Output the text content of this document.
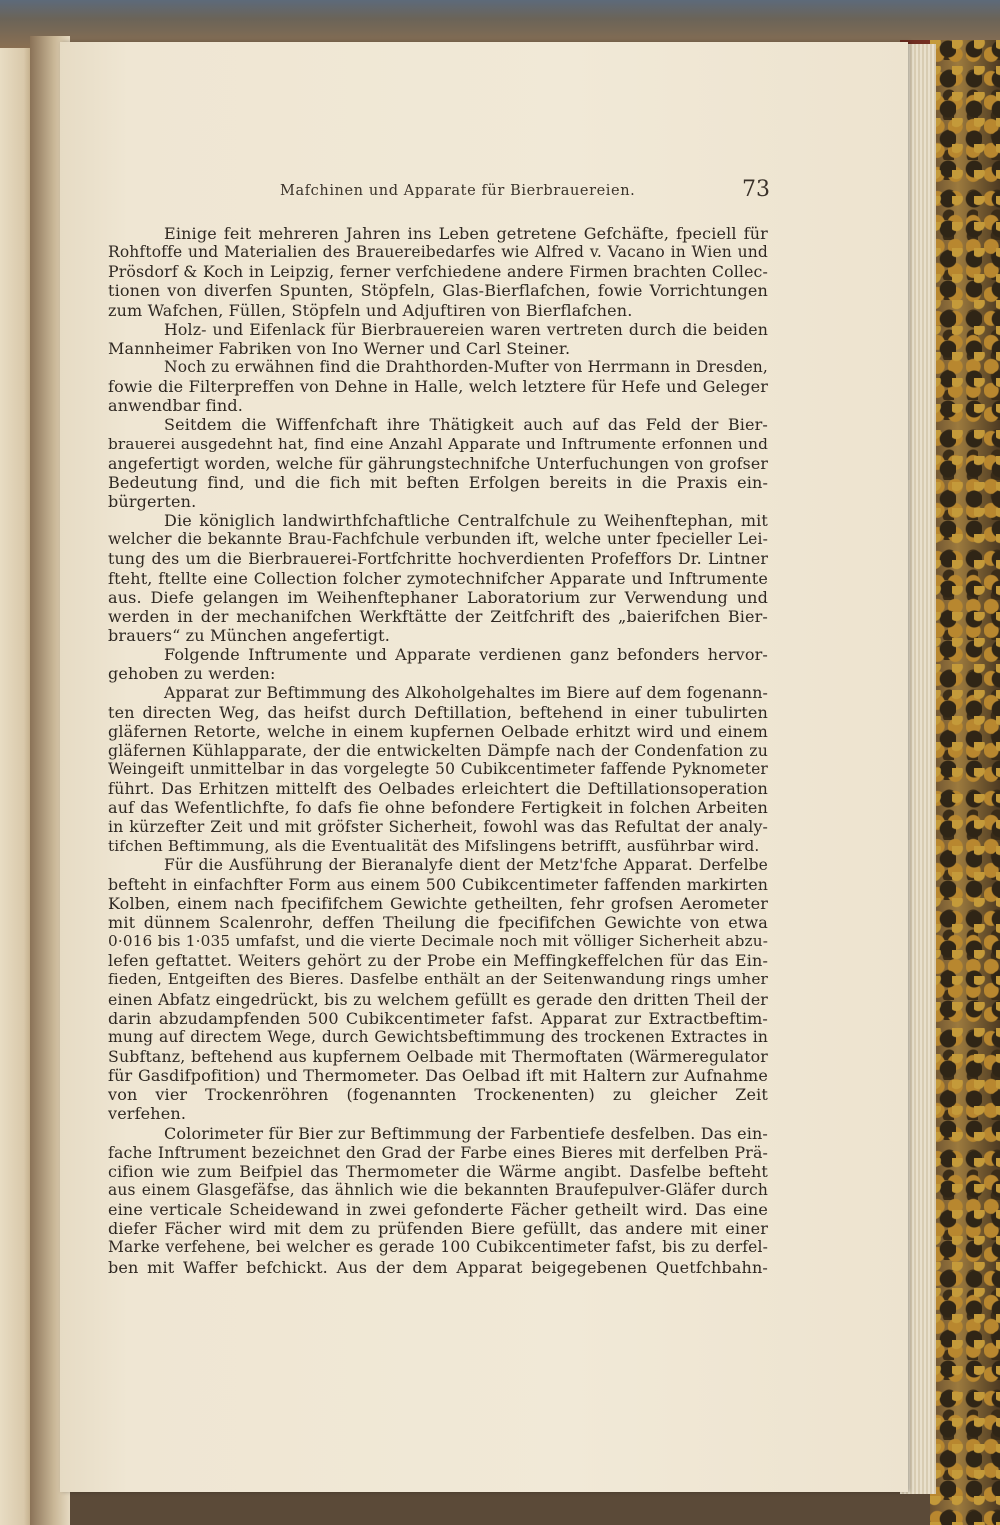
Mafchinen und Apparate für Bierbrauereien.	73
Einige feit mehreren Jahren ins Leben getretene Gefchäfte, fpeciell für
Rohftoffe und Materialien des Brauereibedarfes wie Alfred v. Vacano in Wien und
Prösdorf & Koch in Leipzig, ferner verfchiedene andere Firmen brachten Collec-
tionen von diverfen Spunten, Stöpfeln, Glas-Bierflafchen, fowie Vorrichtungen
zum Wafchen, Füllen, Stöpfeln und Adjuftiren von Bierflafchen.
Holz- und Eifenlack für Bierbrauereien waren vertreten durch die beiden
Mannheimer Fabriken von Ino Werner und Carl Steiner.
Noch zu erwähnen find die Drahthorden-Mufter von Herrmann in Dresden,
fowie die Filterpreffen von Dehne in Halle, welch letztere für Hefe und Geleger
anwendbar find.
Seitdem die Wiffenfchaft ihre Thätigkeit auch auf das Feld der Bier-
brauerei ausgedehnt hat, find eine Anzahl Apparate und Inftrumente erfonnen und
angefertigt worden, welche für gährungstechnifche Unterfuchungen von grofser
Bedeutung find, und die fich mit beften Erfolgen bereits in die Praxis ein-
bürgerten.
Die königlich landwirthfchaftliche Centralfchule zu Weihenftephan, mit
welcher die bekannte Brau-Fachfchule verbunden ift, welche unter fpecieller Lei-
tung des um die Bierbrauerei-Fortfchritte hochverdienten Profeffors Dr. Lintner
fteht, ftellte eine Collection folcher zymotechnifcher Apparate und Inftrumente
aus. Diefe gelangen im Weihenftephaner Laboratorium zur Verwendung und
werden in der mechanifchen Werkftätte der Zeitfchrift des „baierifchen Bier-
brauers“ zu München angefertigt.
Folgende Inftrumente und Apparate verdienen ganz befonders hervor-
gehoben zu werden:
Apparat zur Beftimmung des Alkoholgehaltes im Biere auf dem fogenann-
ten directen Weg, das heifst durch Deftillation, beftehend in einer tubulirten
gläfernen Retorte, welche in einem kupfernen Oelbade erhitzt wird und einem
gläfernen Kühlapparate, der die entwickelten Dämpfe nach der Condenfation zu
Weingeift unmittelbar in das vorgelegte 50 Cubikcentimeter faffende Pyknometer
führt. Das Erhitzen mittelft des Oelbades erleichtert die Deftillationsoperation
auf das Wefentlichfte, fo dafs fie ohne befondere Fertigkeit in folchen Arbeiten
in kürzefter Zeit und mit gröfster Sicherheit, fowohl was das Refultat der analy-
tifchen Beftimmung, als die Eventualität des Mifslingens betrifft, ausführbar wird.
Für die Ausführung der Bieranalyfe dient der Metz'fche Apparat. Derfelbe
befteht in einfachfter Form aus einem 500 Cubikcentimeter faffenden markirten
Kolben, einem nach fpecififchem Gewichte getheilten, fehr grofsen Aerometer
mit dünnem Scalenrohr, deffen Theilung die fpecififchen Gewichte von etwa
0·016 bis 1·035 umfafst, und die vierte Decimale noch mit völliger Sicherheit abzu-
lefen geftattet. Weiters gehört zu der Probe ein Meffingkeffelchen für das Ein-
fieden, Entgeiften des Bieres. Dasfelbe enthält an der Seitenwandung rings umher
einen Abfatz eingedrückt, bis zu welchem gefüllt es gerade den dritten Theil der
darin abzudampfenden 500 Cubikcentimeter fafst. Apparat zur Extractbeftim-
mung auf directem Wege, durch Gewichtsbeftimmung des trockenen Extractes in
Subftanz, beftehend aus kupfernem Oelbade mit Thermoftaten (Wärmeregulator
für Gasdifpofition) und Thermometer. Das Oelbad ift mit Haltern zur Aufnahme
von vier Trockenröhren (fogenannten Trockenenten) zu gleicher Zeit
verfehen.
Colorimeter für Bier zur Beftimmung der Farbentiefe desfelben. Das ein-
fache Inftrument bezeichnet den Grad der Farbe eines Bieres mit derfelben Prä-
cifion wie zum Beifpiel das Thermometer die Wärme angibt. Dasfelbe befteht
aus einem Glasgefäfse, das ähnlich wie die bekannten Braufepulver-Gläfer durch
eine verticale Scheidewand in zwei gefonderte Fächer getheilt wird. Das eine
diefer Fächer wird mit dem zu prüfenden Biere gefüllt, das andere mit einer
Marke verfehene, bei welcher es gerade 100 Cubikcentimeter fafst, bis zu derfel-
ben mit Waffer befchickt. Aus der dem Apparat beigegebenen Quetfchbahn-
